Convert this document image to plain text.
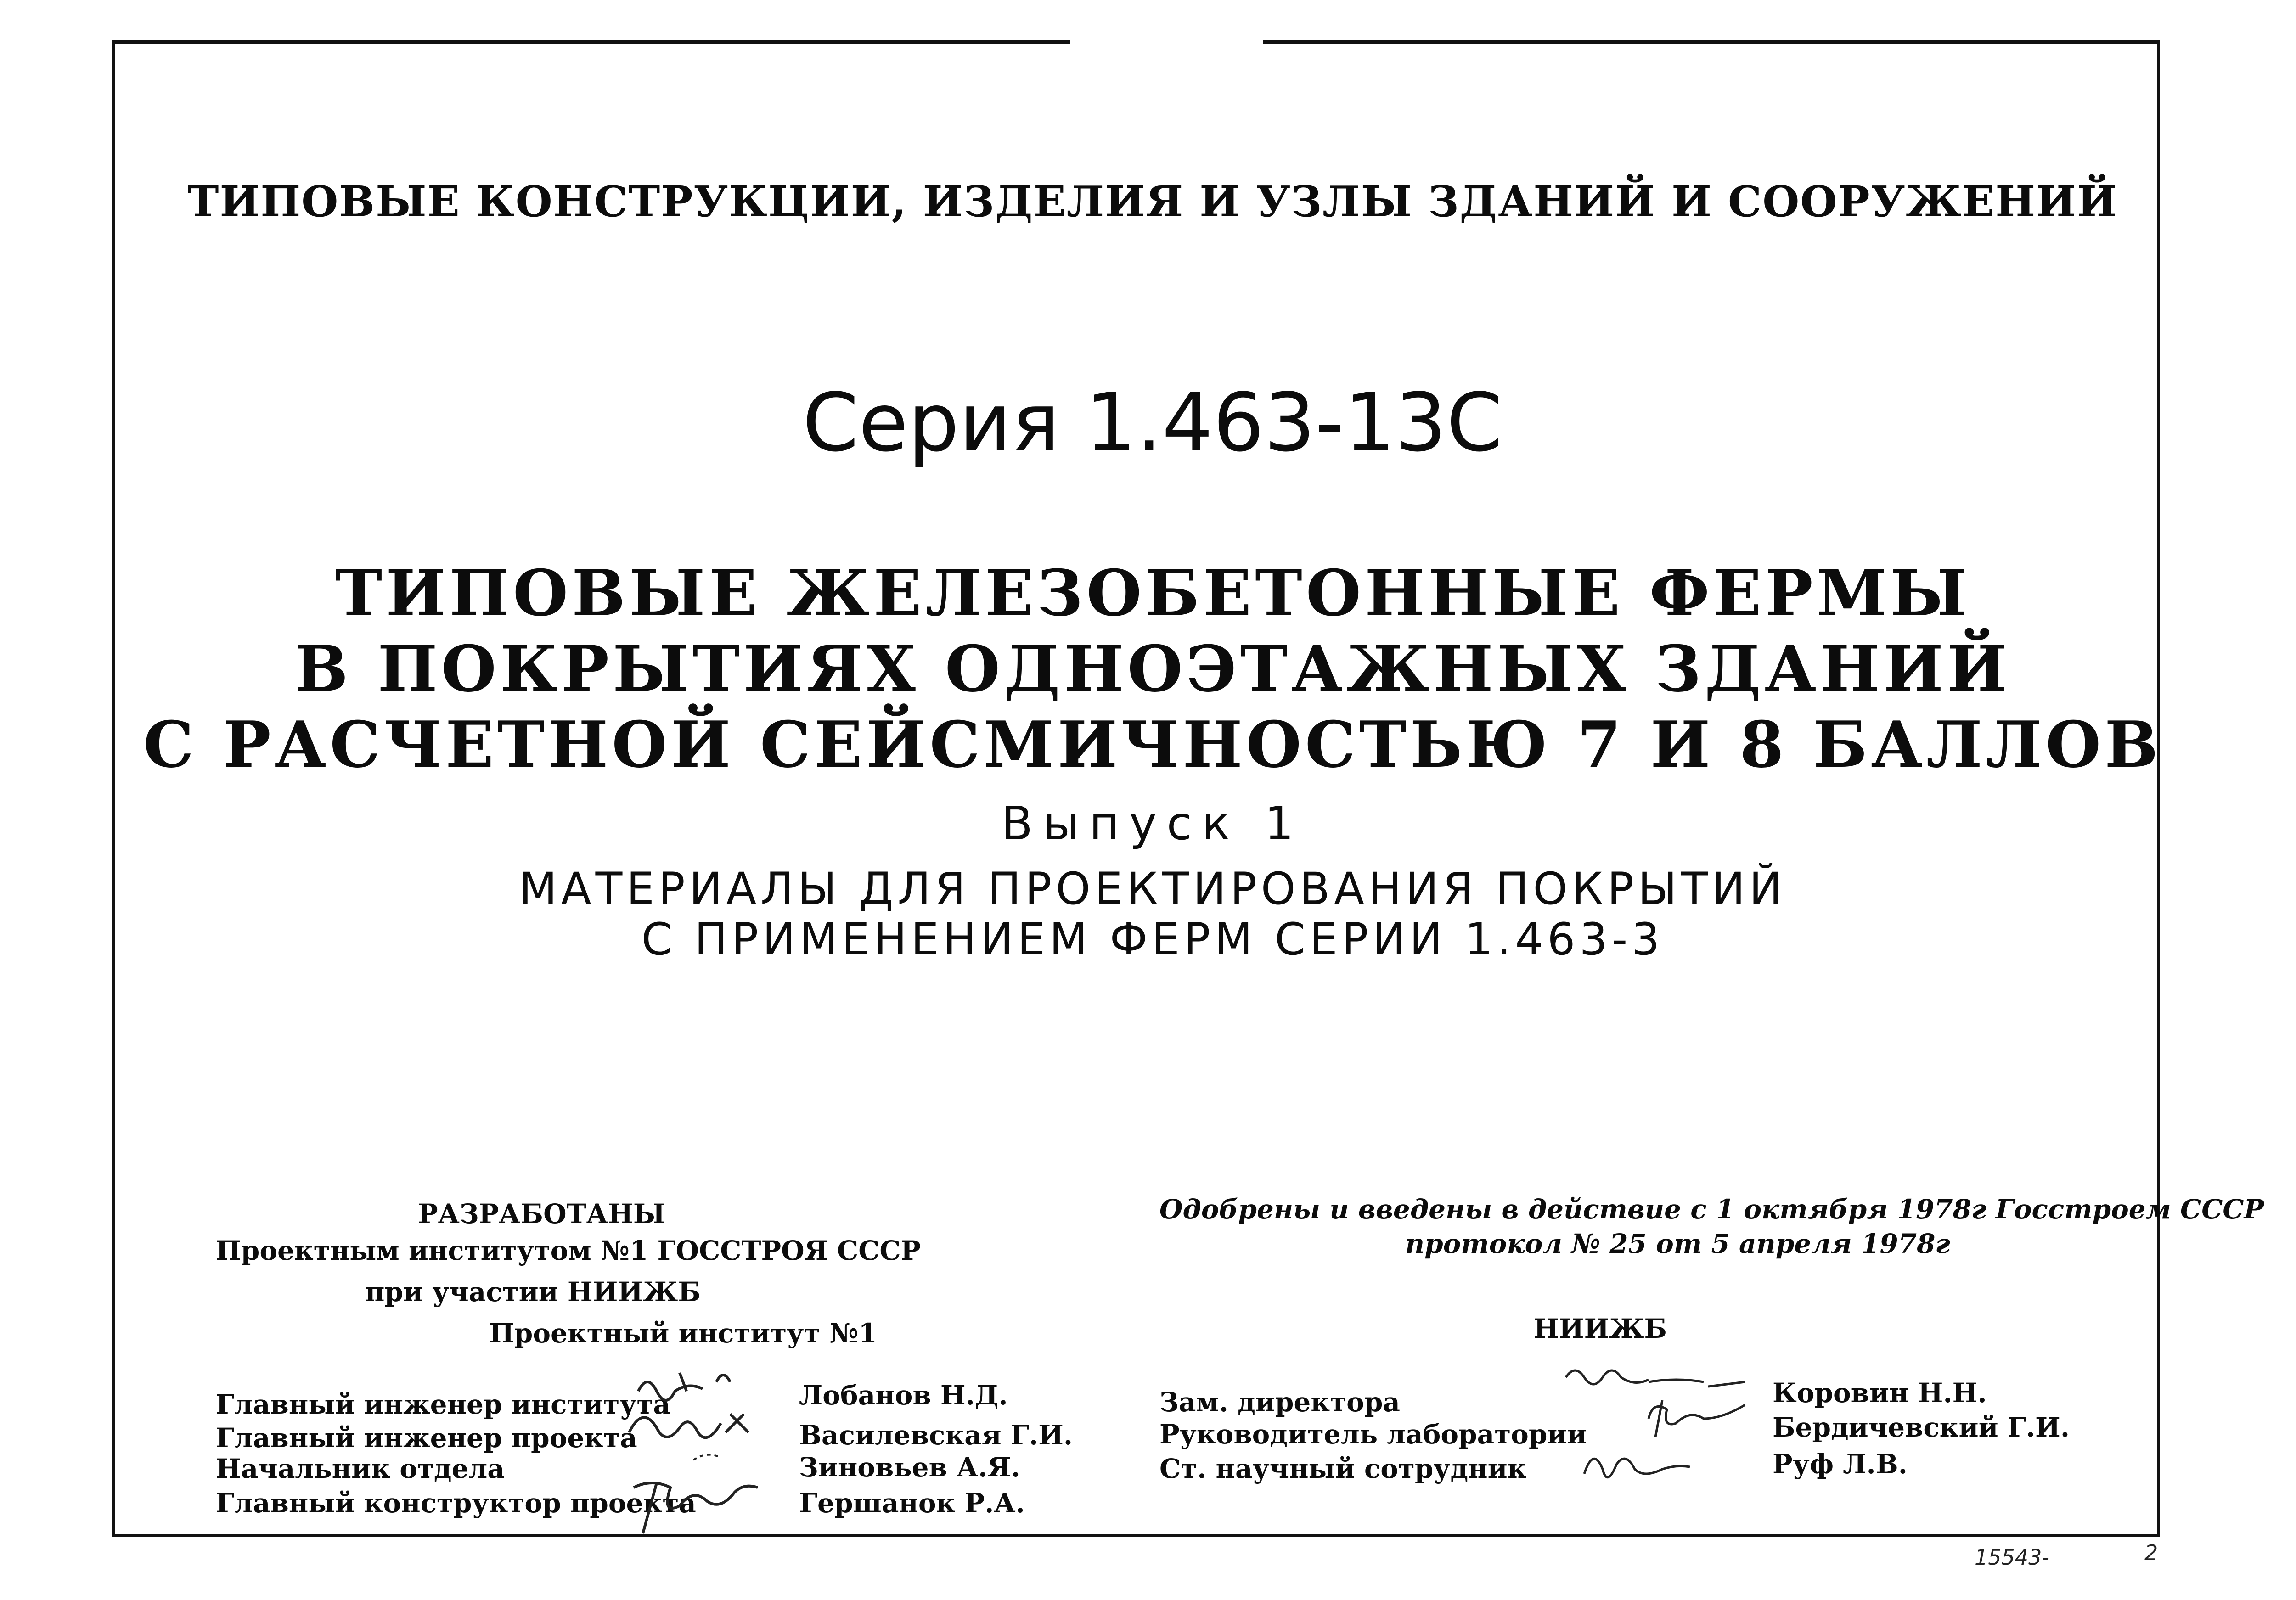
ТИПОВЫЕ КОНСТРУКЦИИ, ИЗДЕЛИЯ И УЗЛЫ ЗДАНИЙ И СООРУЖЕНИЙ
Серия 1.463-13С
ТИПОВЫЕ ЖЕЛЕЗОБЕТОННЫЕ ФЕРМЫ
В ПОКРЫТИЯХ ОДНОЭТАЖНЫХ ЗДАНИЙ
С РАСЧЕТНОЙ СЕЙСМИЧНОСТЬЮ 7 И 8 БАЛЛОВ
Выпуск 1
МАТЕРИАЛЫ ДЛЯ ПРОЕКТИРОВАНИЯ ПОКРЫТИЙ
С ПРИМЕНЕНИЕМ ФЕРМ СЕРИИ 1.463-3
РАЗРАБОТАНЫ
Проектным институтом №1 ГОССТРОЯ СССР
при участии НИИЖБ
Проектный институт №1
Одобрены и введены в действие с 1 октября 1978г Госстроем СССР
протокол № 25 от 5 апреля 1978г
НИИЖБ
Главный инженер института
Главный инженер проекта
Начальник отдела
Главный конструктор проекта
Лобанов Н.Д.
Василевская Г.И.
Зиновьев А.Я.
Гершанок Р.А.
Зам. директора
Руководитель лаборатории
Ст. научный сотрудник
Коровин Н.Н.
Бердичевский Г.И.
Руф Л.В.
15543-	2
